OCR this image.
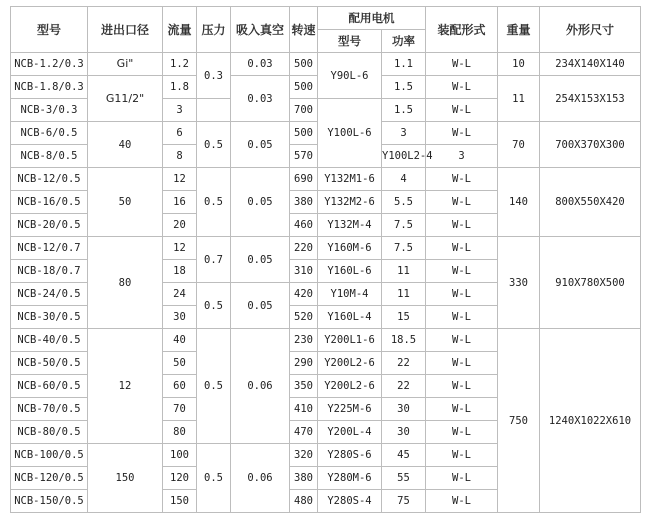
型号	进出口径	流量	压力	吸入真空	转速	配用电机		装配形式	重量	外形尺寸	
						型号	功率				
NCB-1.2/0.3	Gi"	1.2	0.3	0.03	500	Y90L-6	1.1	W-L	10	234X140X140	
NCB-1.8/0.3	G11/2"	1.8		0.03	500		1.5	W-L	11	254X153X153	
NCB-3/0.3		3			700	Y100L-6	1.5	W-L			
NCB-6/0.5	40	6	0.5	0.05	500		3	W-L	70	700X370X300	
NCB-8/0.5		8			570		Y100L2-4	3	
NCB-12/0.5	50	12	0.5	0.05	690	Y132M1-6	4	W-L	140	800X550X420	
NCB-16/0.5		16			380	Y132M2-6	5.5	W-L			
NCB-20/0.5		20			460	Y132M-4	7.5	W-L			
NCB-12/0.7	80	12	0.7	0.05	220	Y160M-6	7.5	W-L	330	910X780X500	
NCB-18/0.7		18			310	Y160L-6	11	W-L			
NCB-24/0.5		24	0.5	0.05	420	Y10M-4	11	W-L			
NCB-30/0.5		30			520	Y160L-4	15	W-L			
NCB-40/0.5	12	40	0.5	0.06	230	Y200L1-6	18.5	W-L	750	1240X1022X610	
NCB-50/0.5		50			290	Y200L2-6	22	W-L			
NCB-60/0.5		60			350	Y200L2-6	22	W-L			
NCB-70/0.5		70			410	Y225M-6	30	W-L			
NCB-80/0.5		80			470	Y200L-4	30	W-L			
NCB-100/0.5	150	100	0.5	0.06	320	Y280S-6	45	W-L			
NCB-120/0.5		120			380	Y280M-6	55	W-L			
NCB-150/0.5		150			480	Y280S-4	75	W-L			
